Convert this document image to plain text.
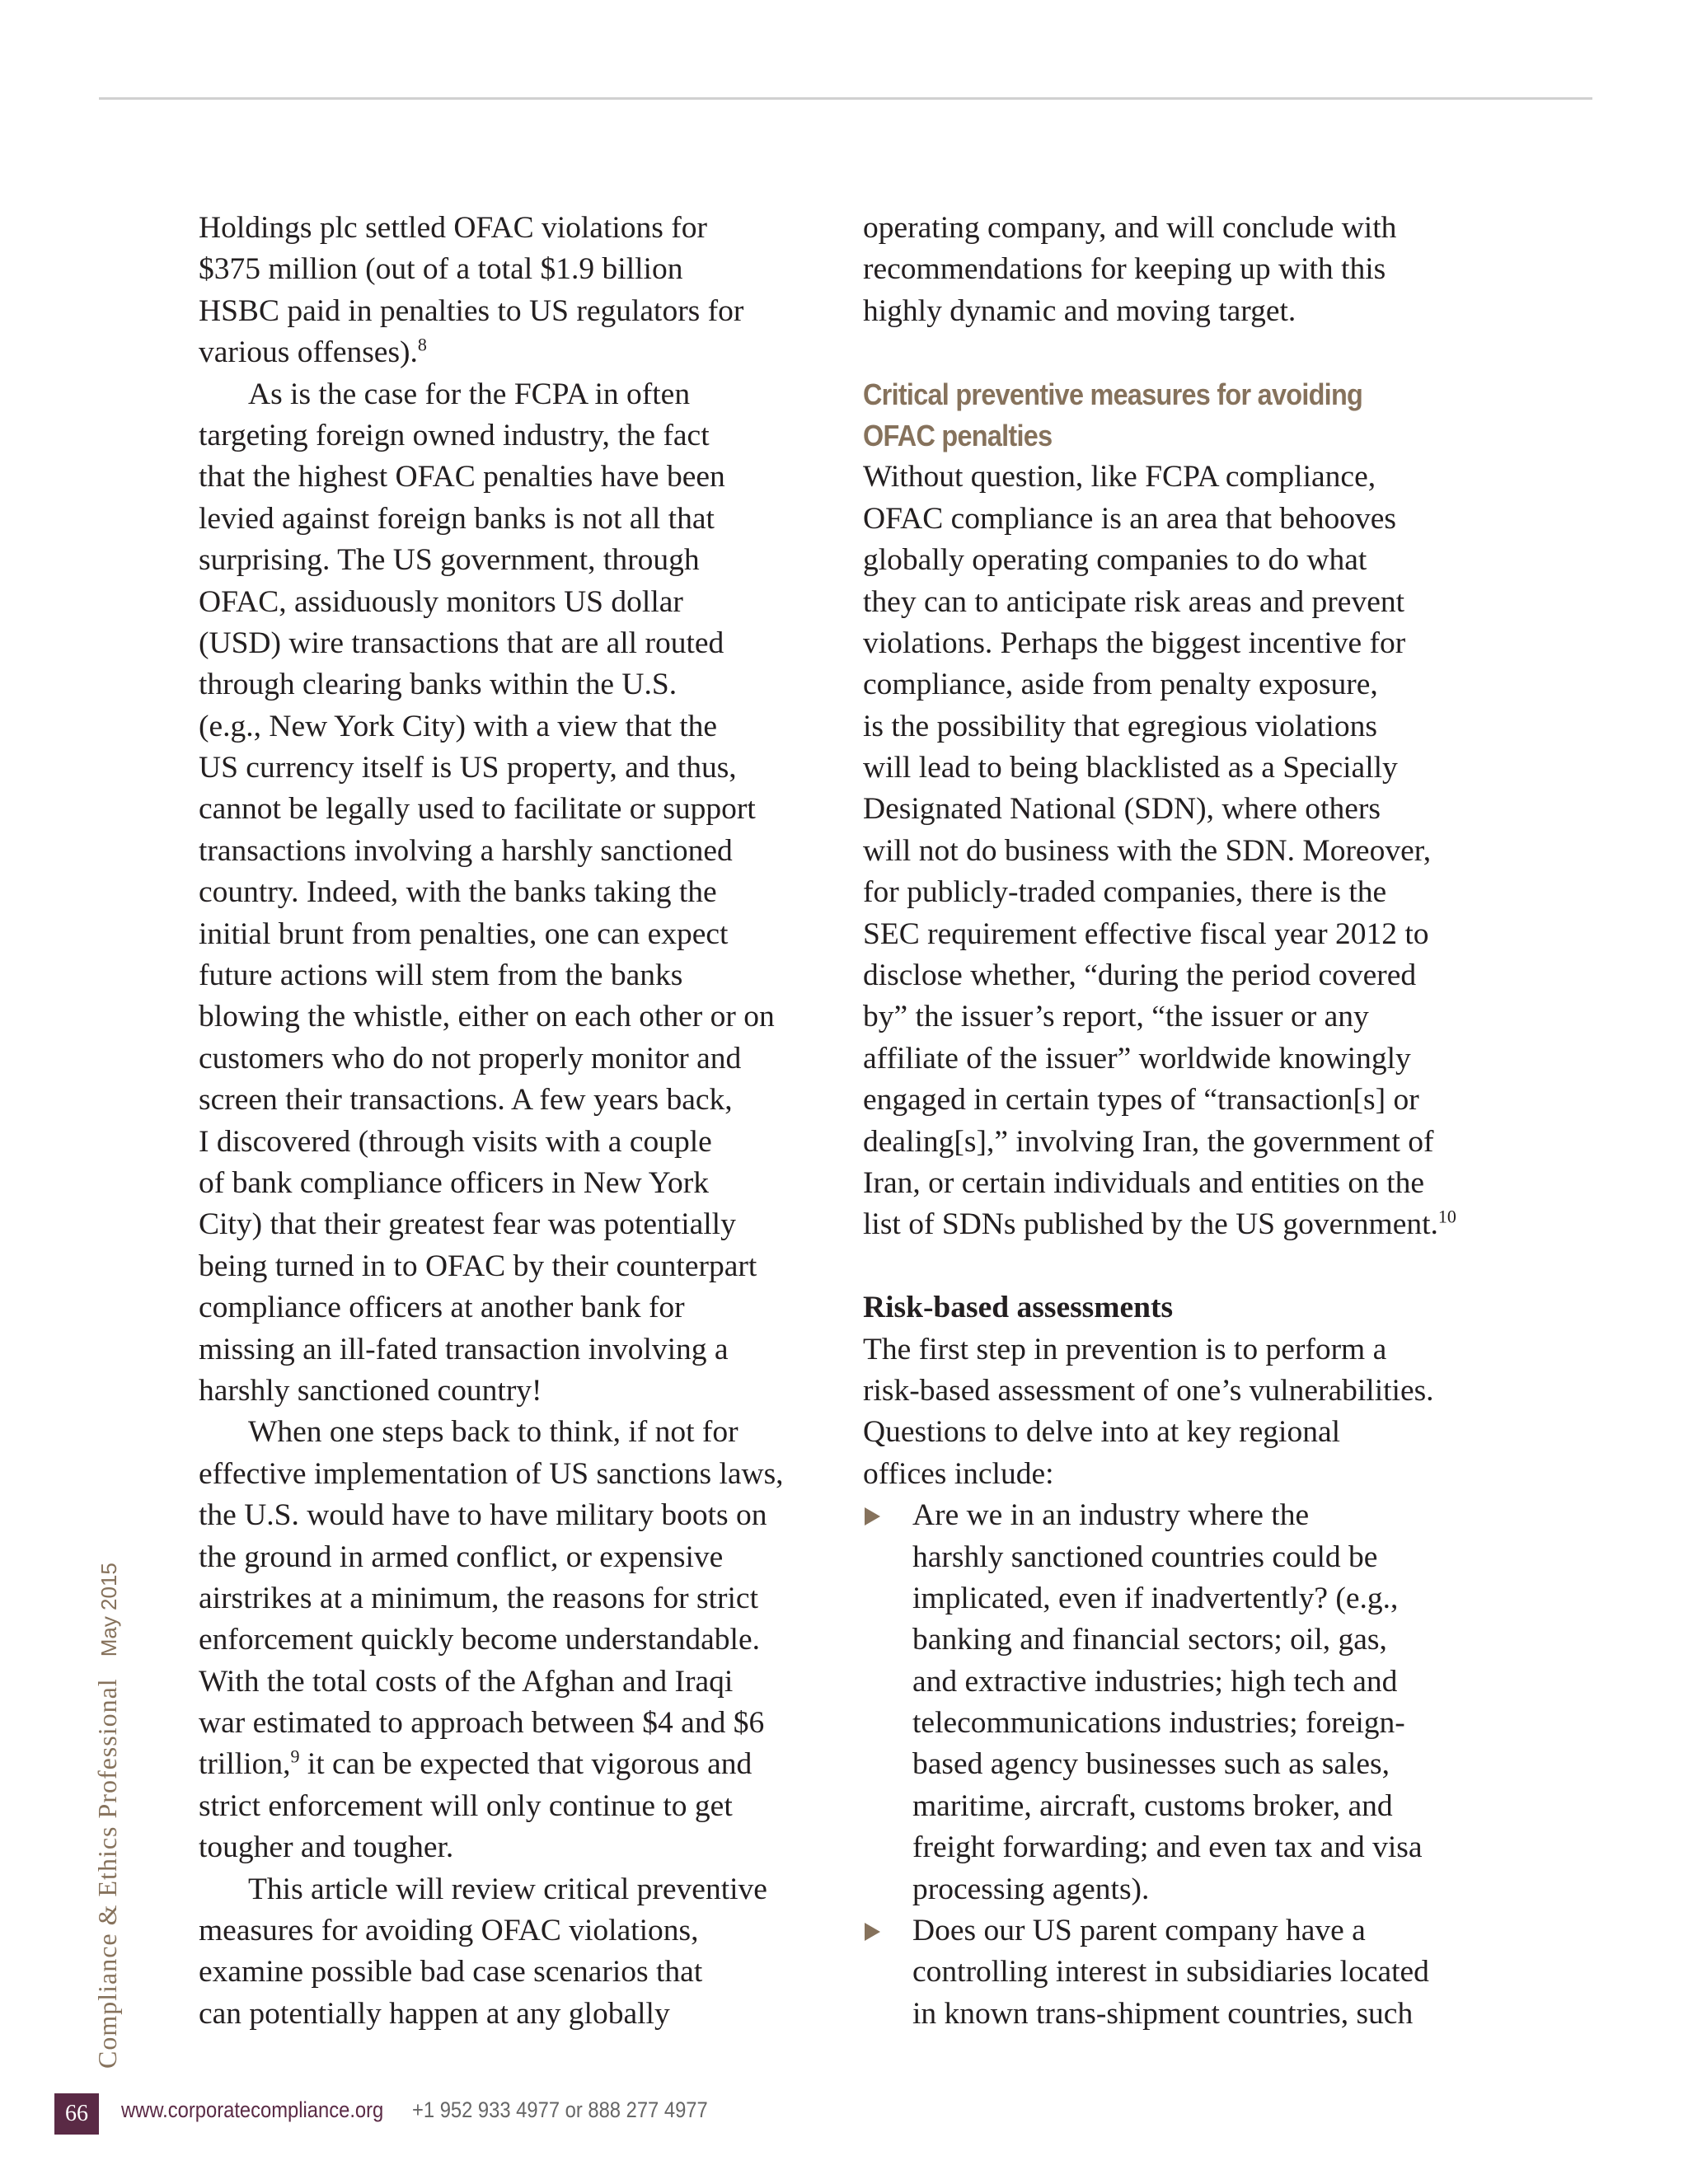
Holdings plc settled OFAC violations for
$375 million (out of a total $1.9 billion
HSBC paid in penalties to US regulators for
various offenses).$^8$
As is the case for the FCPA in often
targeting foreign owned industry, the fact
that the highest OFAC penalties have been
levied against foreign banks is not all that
surprising. The US government, through
OFAC, assiduously monitors US dollar
(USD) wire transactions that are all routed
through clearing banks within the U.S.
(e.g., New York City) with a view that the
US currency itself is US property, and thus,
cannot be legally used to facilitate or support
transactions involving a harshly sanctioned
country. Indeed, with the banks taking the
initial brunt from penalties, one can expect
future actions will stem from the banks
blowing the whistle, either on each other or on
customers who do not properly monitor and
screen their transactions. A few years back,
I discovered (through visits with a couple
of bank compliance officers in New York
City) that their greatest fear was potentially
being turned in to OFAC by their counterpart
compliance officers at another bank for
missing an ill-fated transaction involving a
harshly sanctioned country!
When one steps back to think, if not for
effective implementation of US sanctions laws,
the U.S. would have to have military boots on
the ground in armed conflict, or expensive
airstrikes at a minimum, the reasons for strict
enforcement quickly become understandable.
With the total costs of the Afghan and Iraqi
war estimated to approach between $4 and $6
trillion,$^9$ it can be expected that vigorous and
strict enforcement will only continue to get
tougher and tougher.
This article will review critical preventive
measures for avoiding OFAC violations,
examine possible bad case scenarios that
can potentially happen at any globally
operating company, and will conclude with
recommendations for keeping up with this
highly dynamic and moving target.
Critical preventive measures for avoiding
OFAC penalties
Without question, like FCPA compliance,
OFAC compliance is an area that behooves
globally operating companies to do what
they can to anticipate risk areas and prevent
violations. Perhaps the biggest incentive for
compliance, aside from penalty exposure,
is the possibility that egregious violations
will lead to being blacklisted as a Specially
Designated National (SDN), where others
will not do business with the SDN. Moreover,
for publicly-traded companies, there is the
SEC requirement effective fiscal year 2012 to
disclose whether, “during the period covered
by” the issuer’s report, “the issuer or any
affiliate of the issuer” worldwide knowingly
engaged in certain types of “transaction[s] or
dealing[s],” involving Iran, the government of
Iran, or certain individuals and entities on the
list of SDNs published by the US government.$^{10}$
Risk-based assessments
The first step in prevention is to perform a
risk-based assessment of one’s vulnerabilities.
Questions to delve into at key regional
offices include:
Are we in an industry where the
harshly sanctioned countries could be
implicated, even if inadvertently? (e.g.,
banking and financial sectors; oil, gas,
and extractive industries; high tech and
telecommunications industries; foreign-
based agency businesses such as sales,
maritime, aircraft, customs broker, and
freight forwarding; and even tax and visa
processing agents).
Does our US parent company have a
controlling interest in subsidiaries located
in known trans-shipment countries, such
Compliance & Ethics ProfessionalMay 2015
66	www.corporatecompliance.org +1 952 933 4977 or 888 277 4977
